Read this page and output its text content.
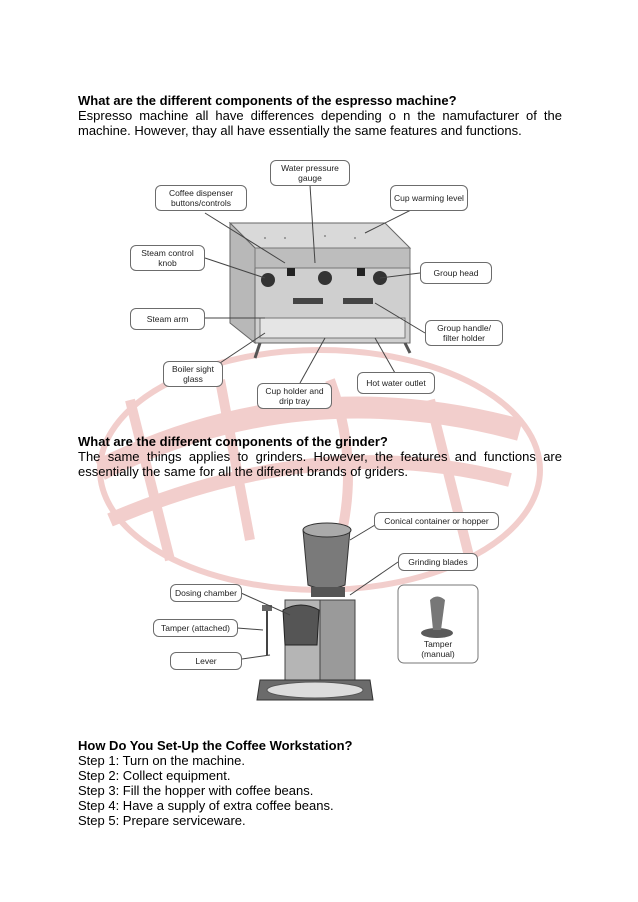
What are the different components of the espresso machine?

Espresso machine all have differences depending o n the namufacturer of the machine. However, thay all have essentially the same features and functions.

Water pressure gauge
Coffee dispenser buttons/controls	Cup warming level
Steam control knob
Group head
Steam arm
Group handle/ filter holder
Boiler sight glass
Cup holder and drip tray
Hot water outlet

What are the different components of the grinder?

The same things applies to grinders. However, the features and functions are essentially the same for all the different brands of griders.

Conical container or hopper
Grinding blades
Dosing chamber
Tamper (attached)
Lever
Tamper (manual)

How Do You Set-Up the Coffee Workstation?

Step 1: Turn on the machine.

Step 2: Collect equipment.

Step 3: Fill the hopper with coffee beans.

Step 4: Have a supply of extra coffee beans.

Step 5: Prepare serviceware.
